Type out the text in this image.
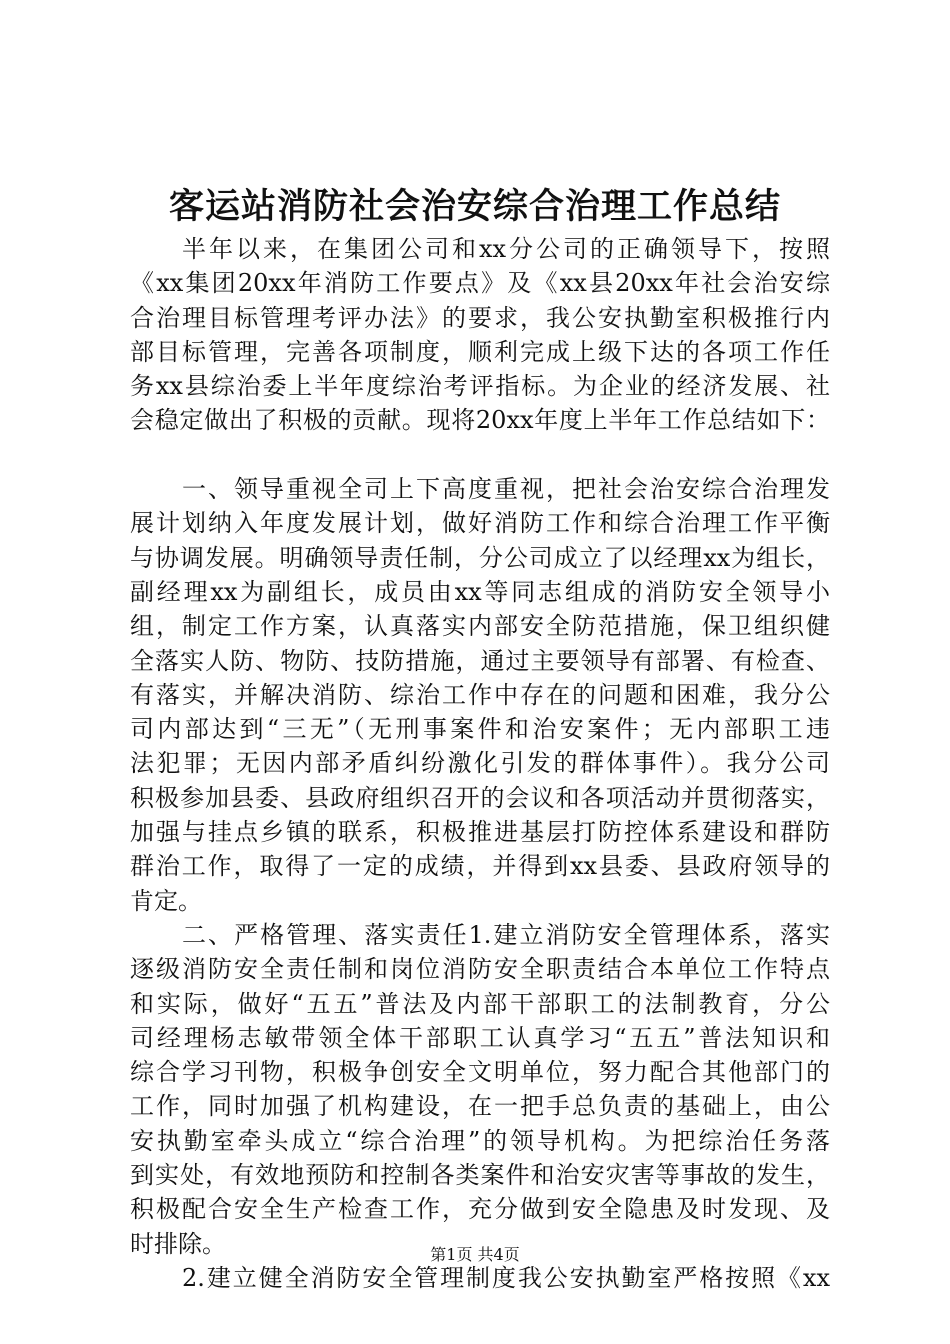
客运站消防社会治安综合治理工作总结
半年以来，在集团公司和xx分公司的正确领导下，按照
《xx集团20xx年消防工作要点》及《xx县20xx年社会治安综
合治理目标管理考评办法》的要求，我公安执勤室积极推行内
部目标管理，完善各项制度，顺利完成上级下达的各项工作任
务xx县综治委上半年度综治考评指标。为企业的经济发展、社
会稳定做出了积极的贡献。现将20xx年度上半年工作总结如下：
一、领导重视全司上下高度重视，把社会治安综合治理发
展计划纳入年度发展计划，做好消防工作和综合治理工作平衡
与协调发展。明确领导责任制，分公司成立了以经理xx为组长，
副经理xx为副组长，成员由xx等同志组成的消防安全领导小
组，制定工作方案，认真落实内部安全防范措施，保卫组织健
全落实人防、物防、技防措施，通过主要领导有部署、有检查、
有落实，并解决消防、综治工作中存在的问题和困难，我分公
司内部达到“三无”（无刑事案件和治安案件；无内部职工违
法犯罪；无因内部矛盾纠纷激化引发的群体事件）。我分公司
积极参加县委、县政府组织召开的会议和各项活动并贯彻落实，
加强与挂点乡镇的联系，积极推进基层打防控体系建设和群防
群治工作，取得了一定的成绩，并得到xx县委、县政府领导的
肯定。
二、严格管理、落实责任1.建立消防安全管理体系，落实
逐级消防安全责任制和岗位消防安全职责结合本单位工作特点
和实际，做好“五五”普法及内部干部职工的法制教育，分公
司经理杨志敏带领全体干部职工认真学习“五五”普法知识和
综合学习刊物，积极争创安全文明单位，努力配合其他部门的
工作，同时加强了机构建设，在一把手总负责的基础上，由公
安执勤室牵头成立“综合治理”的领导机构。为把综治任务落
到实处，有效地预防和控制各类案件和治安灾害等事故的发生，
积极配合安全生产检查工作，充分做到安全隐患及时发现、及
时排除。
2.建立健全消防安全管理制度我公安执勤室严格按照《xx
第1页 共4页
